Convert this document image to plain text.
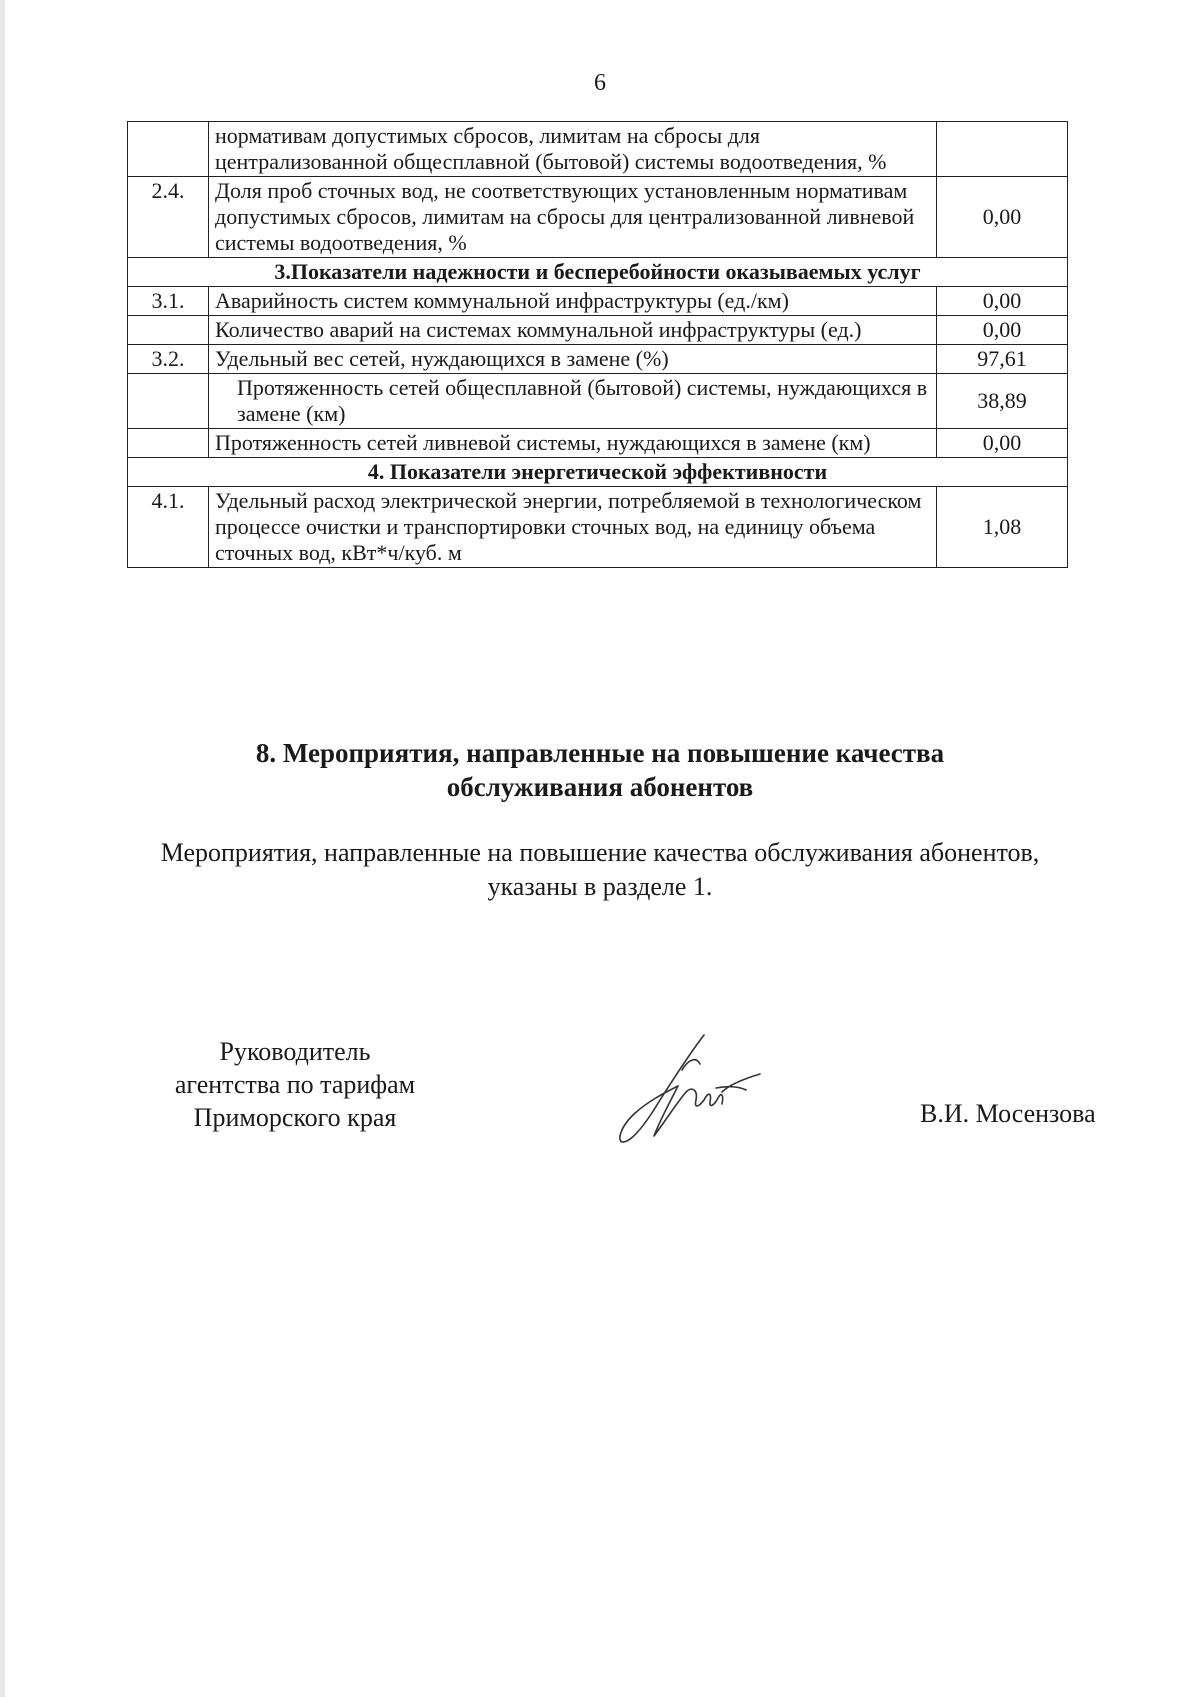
6
	нормативам допустимых сбросов, лимитам на сбросы для централизованной общесплавной (бытовой) системы водоотведения, %	
2.4.	Доля проб сточных вод, не соответствующих установленным нормативам допустимых сбросов, лимитам на сбросы для централизованной ливневой системы водоотведения, %	0,00
3.Показатели надежности и бесперебойности оказываемых услуг		
3.1.	Аварийность систем коммунальной инфраструктуры (ед./км)	0,00
	Количество аварий на системах коммунальной инфраструктуры (ед.)	0,00
3.2.	Удельный вес сетей, нуждающихся в замене (%)	97,61
	Протяженность сетей общесплавной (бытовой) системы, нуждающихся в замене (км)	38,89
	Протяженность сетей ливневой системы, нуждающихся в замене (км)	0,00
4. Показатели энергетической эффективности		
4.1.	Удельный расход электрической энергии, потребляемой в технологическом процессе очистки и транспортировки сточных вод, на единицу объема сточных вод, кВт*ч/куб. м	1,08
8. Мероприятия, направленные на повышение качества
обслуживания абонентов
Мероприятия, направленные на повышение качества обслуживания абонентов,
указаны в разделе 1.
Руководитель
агентства по тарифам
Приморского края	В.И. Мосензова
